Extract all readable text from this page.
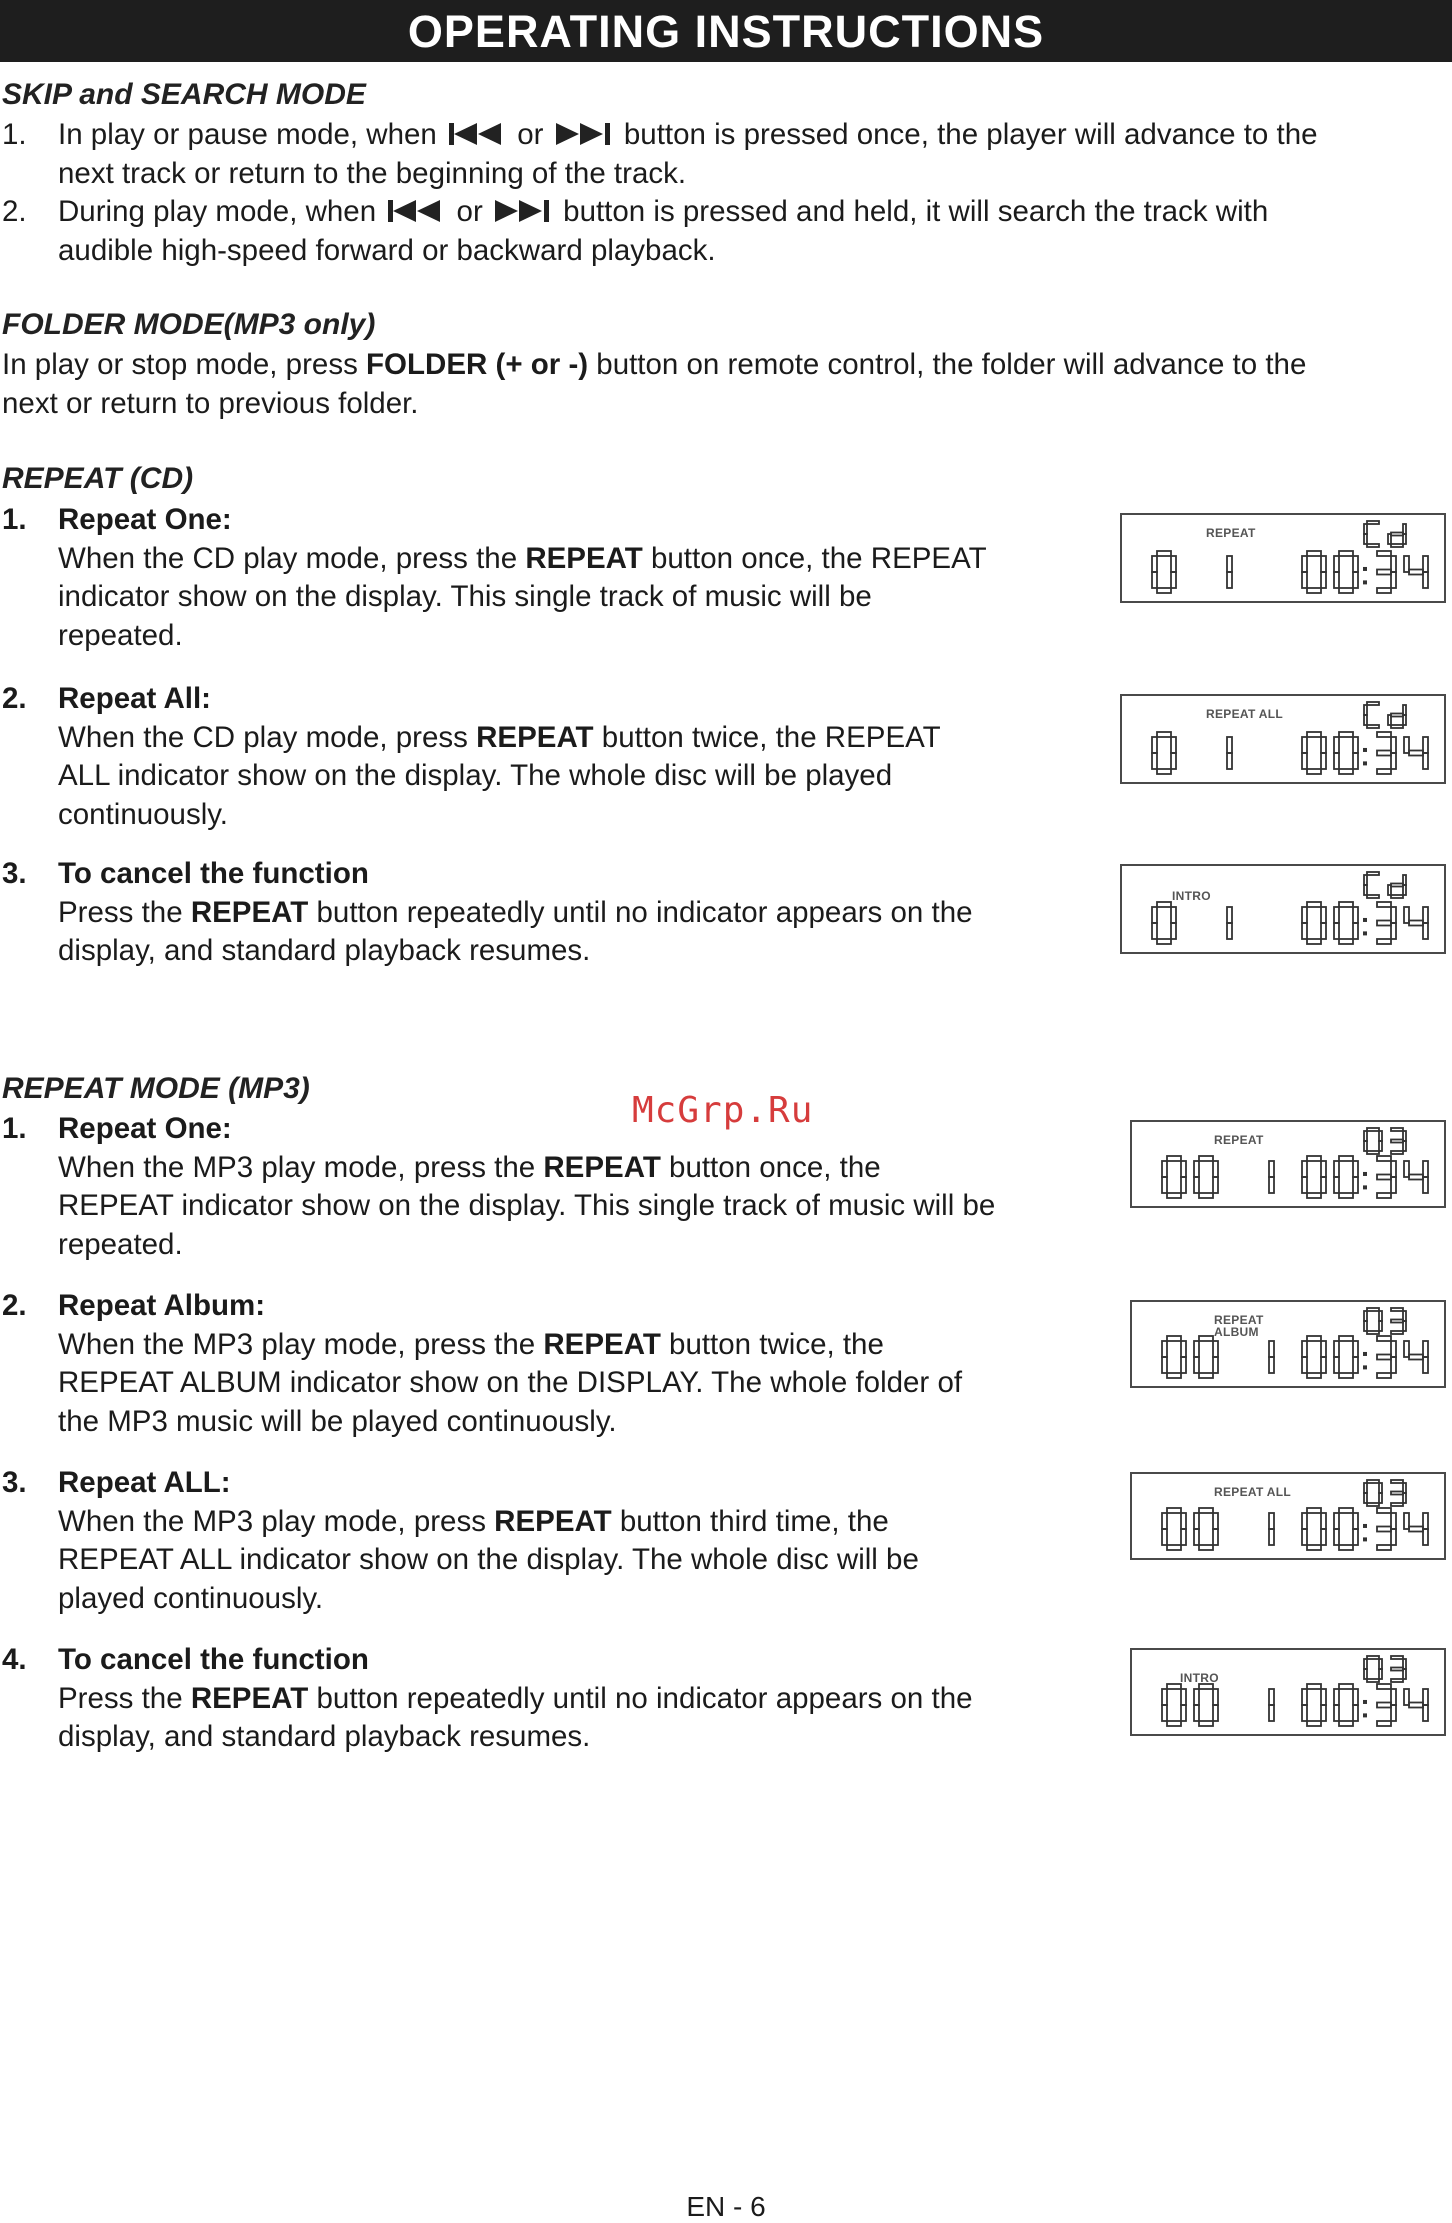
OPERATING INSTRUCTIONS
SKIP and SEARCH MODE
1. In play or pause mode, when	or	button is pressed once, the player will advance to the
next track or return to the beginning of the track.
2. During play mode, when	or	button is pressed and held, it will search the track with
audible high-speed forward or backward playback.
FOLDER MODE(MP3 only)
In play or stop mode, press FOLDER (+ or -) button on remote control, the folder will advance to the
next or return to previous folder.
REPEAT (CD)
1. Repeat One:
When the CD play mode, press the REPEAT button once, the REPEAT
indicator show on the display. This single track of music will be
repeated.
2. Repeat All:
When the CD play mode, press REPEAT button twice, the REPEAT
ALL indicator show on the display. The whole disc will be played
continuously.
3. To cancel the function
Press the REPEAT button repeatedly until no indicator appears on the
display, and standard playback resumes.
REPEAT
REPEAT ALL
INTRO
REPEAT MODE (MP3)
McGrp.Ru
1. Repeat One:
When the MP3 play mode, press the REPEAT button once, the
REPEAT indicator show on the display. This single track of music will be
repeated.
2. Repeat Album:
When the MP3 play mode, press the REPEAT button twice, the
REPEAT ALBUM indicator show on the DISPLAY. The whole folder of
the MP3 music will be played continuously.
3. Repeat ALL:
When the MP3 play mode, press REPEAT button third time, the
REPEAT ALL indicator show on the display. The whole disc will be
played continuously.
4. To cancel the function
Press the REPEAT button repeatedly until no indicator appears on the
display, and standard playback resumes.
REPEAT
REPEAT
ALBUM
REPEAT ALL
INTRO
EN - 6
